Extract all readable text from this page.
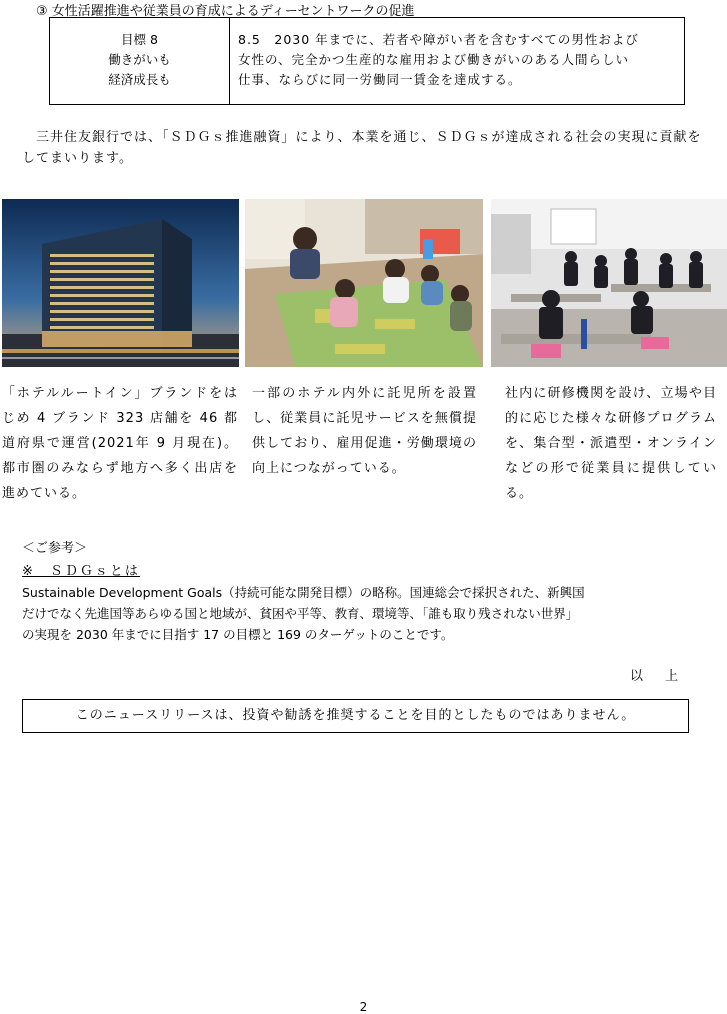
③ 女性活躍推進や従業員の育成によるディーセントワークの促進
目標 8
働きがいも
経済成長も
8.5　2030 年までに、若者や障がい者を含むすべての男性および
女性の、完全かつ生産的な雇用および働きがいのある人間らしい
仕事、ならびに同一労働同一賃金を達成する。
三井住友銀行では、「ＳＤＧｓ推進融資」により、本業を通じ、ＳＤＧｓが達成される社会の実現に貢献をしてまいります。
「ホテルルートイン」ブランドをはじめ 4 ブランド 323 店舗を 46 都道府県で運営(2021年 9 月現在)。都市圏のみならず地方へ多く出店を進めている。
一部のホテル内外に託児所を設置し、従業員に託児サービスを無償提供しており、雇用促進・労働環境の向上につながっている。
社内に研修機関を設け、立場や目的に応じた様々な研修プログラムを、集合型・派遣型・オンラインなどの形で従業員に提供している。
＜ご参考＞
※　ＳＤＧｓとは
Sustainable Development Goals（持続可能な開発目標）の略称。国連総会で採択された、新興国
だけでなく先進国等あらゆる国と地域が、貧困や平等、教育、環境等、「誰も取り残されない世界」
の実現を 2030 年までに目指す 17 の目標と 169 のターゲットのことです。
以上
このニュースリリースは、投資や勧誘を推奨することを目的としたものではありません。
2
